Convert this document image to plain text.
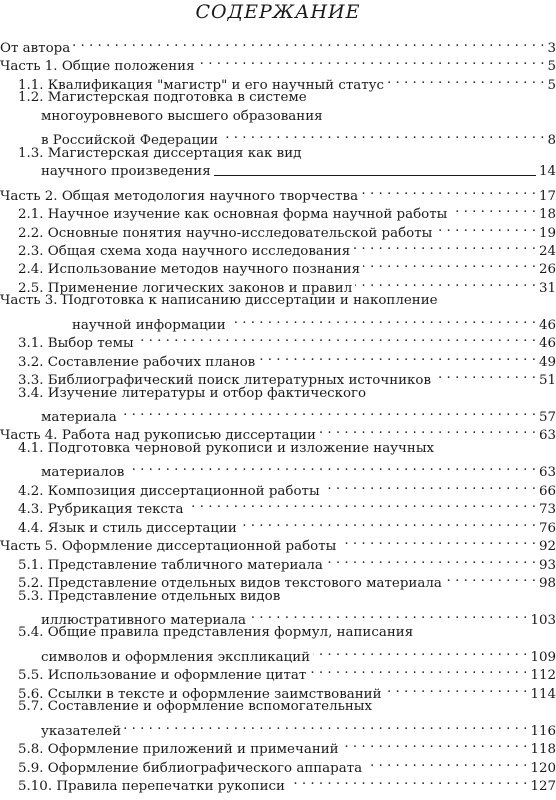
СОДЕРЖАНИЕ
От автора . . .	3
Часть 1. Общие положения . . .	5
1.1. Квалификация "магистр" и его научный статус . . .	5
1.2. Магистерская подготовка в системе
многоуровневого высшего образования
в Российской Федерации . . .	8
1.3. Магистерская диссертация как вид
научного произведения	14
Часть 2. Общая методология научного творчества . . .	17
2.1. Научное изучение как основная форма научной работы . . .	18
2.2. Основные понятия научно-исследовательской работы . . .	19
2.3. Общая схема хода научного исследования . . .	24
2.4. Использование методов научного познания . . .	26
2.5. Применение логических законов и правил . . .	31
Часть 3. Подготовка к написанию диссертации и накопление
научной информации . . .	46
3.1. Выбор темы . . .	46
3.2. Составление рабочих планов . . .	49
3.3. Библиографический поиск литературных источников . . .	51
3.4. Изучение литературы и отбор фактического
материала . . .	57
Часть 4. Работа над рукописью диссертации . . .	63
4.1. Подготовка черновой рукописи и изложение научных
материалов . . .	63
4.2. Композиция диссертационной работы . . .	66
4.3. Рубрикация текста . . .	73
4.4. Язык и стиль диссертации . . .	76
Часть 5. Оформление диссертационной работы . . .	92
5.1. Представление табличного материала . . .	93
5.2. Представление отдельных видов текстового материала . . .	98
5.3. Представление отдельных видов
иллюстративного материала . . .	103
5.4. Общие правила представления формул, написания
символов и оформления экспликаций . . .	109
5.5. Использование и оформление цитат . . .	112
5.6. Ссылки в тексте и оформление заимствований . . .	114
5.7. Составление и оформление вспомогательных
указателей . . .	116
5.8. Оформление приложений и примечаний . . .	118
5.9. Оформление библиографического аппарата . . .	120
5.10. Правила перепечатки рукописи . . .	127
